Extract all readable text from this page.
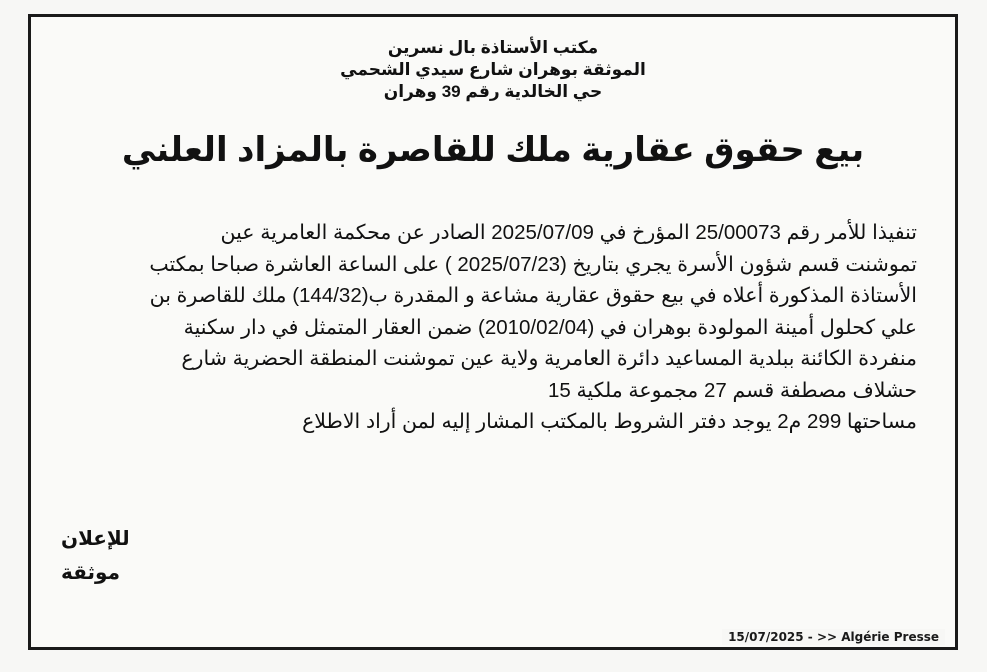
مكتب الأستاذة بال نسرين

الموثقة بوهران شارع سيدي الشحمي

حي الخالدية رقم 39 وهران

بيع حقوق عقارية ملك للقاصرة بالمزاد العلني
تنفيذا للأمر رقم 25/00073 المؤرخ في 2025/07/09 الصادر عن محكمة العامرية عين
تموشنت قسم شؤون الأسرة يجري بتاريخ (2025/07/23 ) على الساعة العاشرة صباحا بمكتب
الأستاذة المذكورة أعلاه في بيع حقوق عقارية مشاعة و المقدرة ب(144/32) ملك للقاصرة بن
علي كحلول أمينة المولودة بوهران في (2010/02/04) ضمن العقار المتمثل في دار سكنية
منفردة الكائنة ببلدية المساعيد دائرة العامرية ولاية عين تموشنت المنطقة الحضرية شارع
حشلاف مصطفة قسم 27 مجموعة ملكية 15
مساحتها 299 م2 يوجد دفتر الشروط بالمكتب المشار إليه لمن أراد الاطلاع
للإعلان
موثقة
15/07/2025 - >> Algérie Presse
